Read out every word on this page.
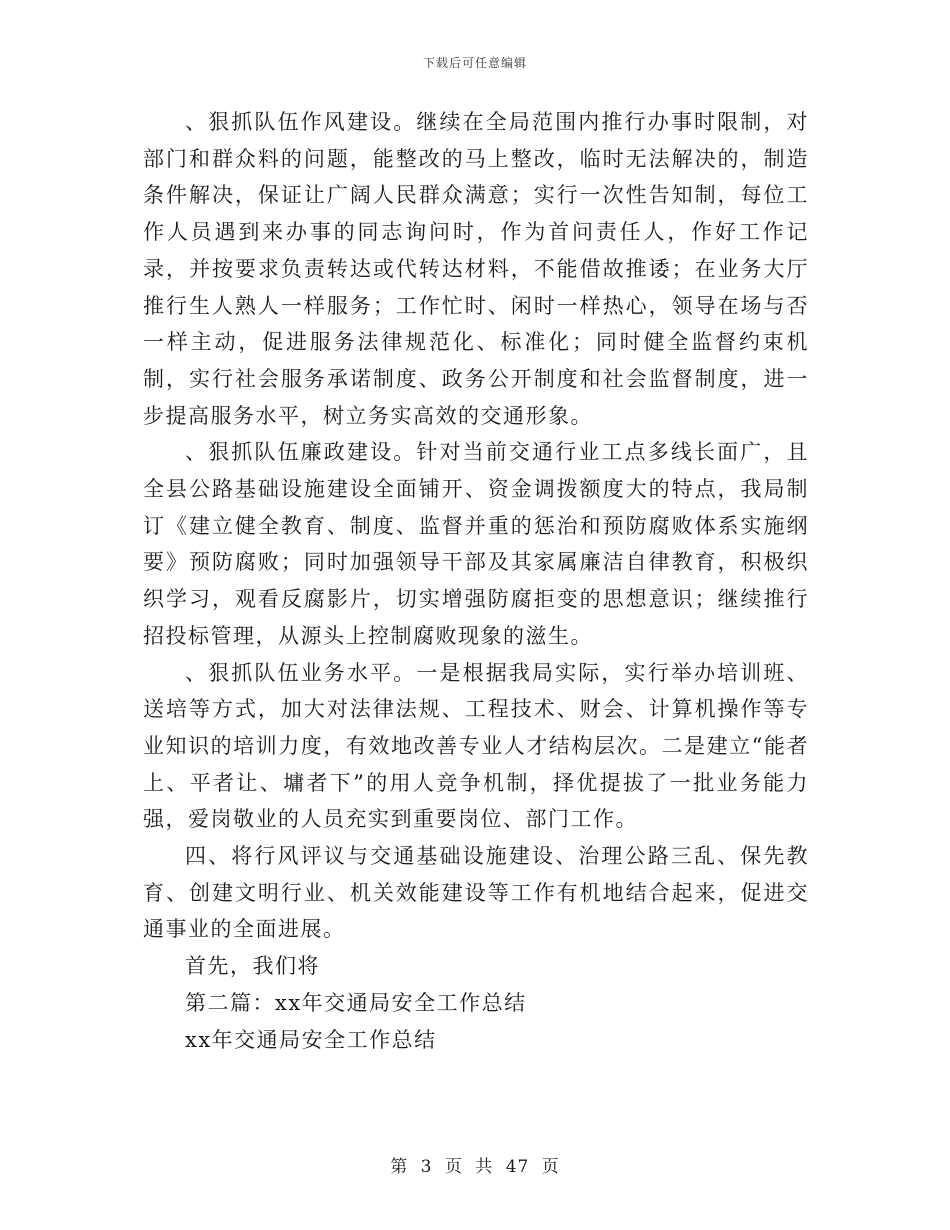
下载后可任意编辑

、狠抓队伍作风建设。继续在全局范围内推行办事时限制，对部门和群众料的问题，能整改的马上整改，临时无法解决的，制造条件解决，保证让广阔人民群众满意；实行一次性告知制，每位工作人员遇到来办事的同志询问时，作为首问责任人，作好工作记录，并按要求负责转达或代转达材料，不能借故推诿；在业务大厅推行生人熟人一样服务；工作忙时、闲时一样热心，领导在场与否一样主动，促进服务法律规范化、标准化；同时健全监督约束机制，实行社会服务承诺制度、政务公开制度和社会监督制度，进一步提高服务水平，树立务实高效的交通形象。

、狠抓队伍廉政建设。针对当前交通行业工点多线长面广，且全县公路基础设施建设全面铺开、资金调拨额度大的特点，我局制订《建立健全教育、制度、监督并重的惩治和预防腐败体系实施纲要》预防腐败；同时加强领导干部及其家属廉洁自律教育，积极织织学习，观看反腐影片，切实增强防腐拒变的思想意识；继续推行招投标管理，从源头上控制腐败现象的滋生。

、狠抓队伍业务水平。一是根据我局实际，实行举办培训班、送培等方式，加大对法律法规、工程技术、财会、计算机操作等专业知识的培训力度，有效地改善专业人才结构层次。二是建立“能者上、平者让、墉者下”的用人竞争机制，择优提拔了一批业务能力强，爱岗敬业的人员充实到重要岗位、部门工作。

四、将行风评议与交通基础设施建设、治理公路三乱、保先教育、创建文明行业、机关效能建设等工作有机地结合起来，促进交通事业的全面进展。

首先，我们将

第二篇：xx年交通局安全工作总结

xx年交通局安全工作总结

第 3 页 共 47 页
